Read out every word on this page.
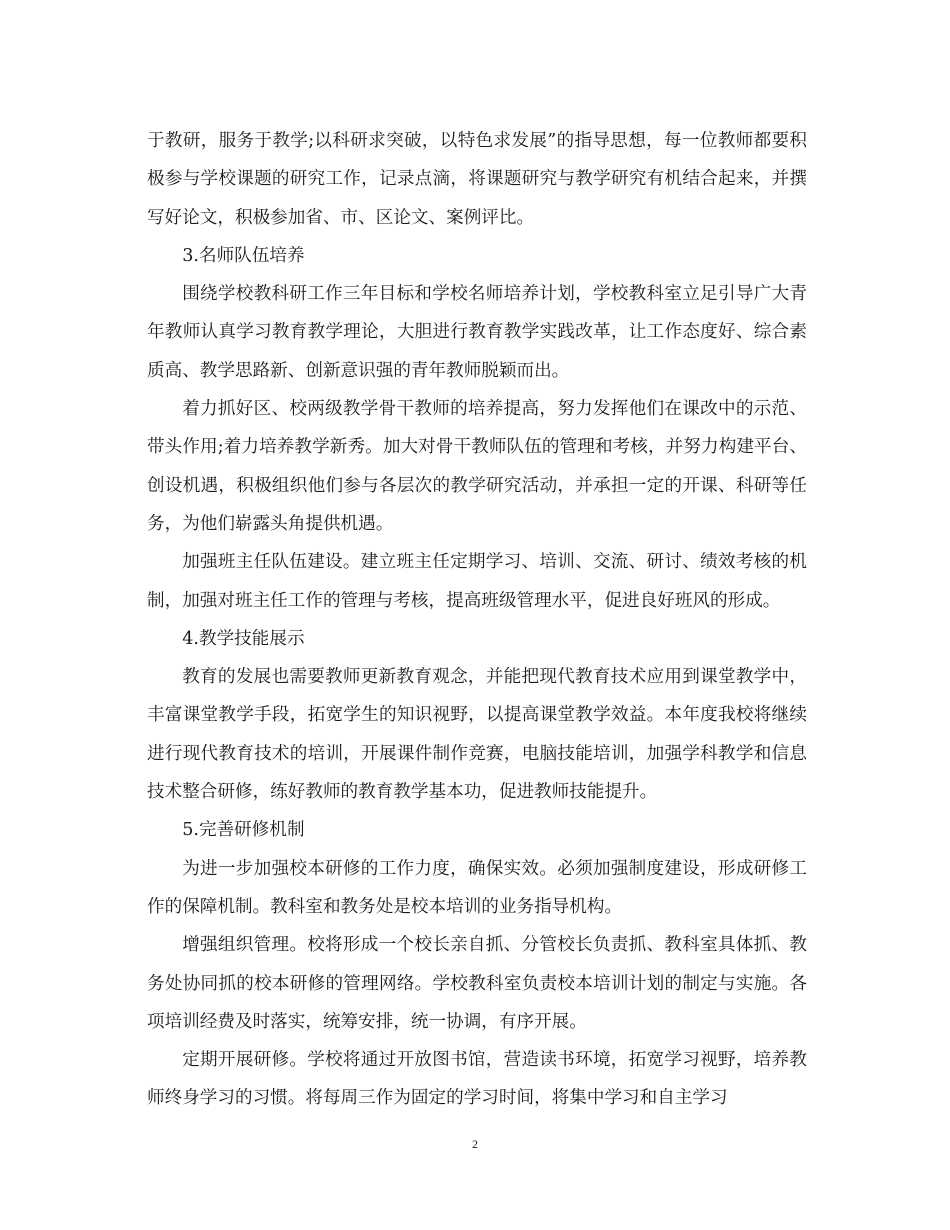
于教研，服务于教学;以科研求突破，以特色求发展”的指导思想，每一位教师都要积极参与学校课题的研究工作，记录点滴，将课题研究与教学研究有机结合起来，并撰写好论文，积极参加省、市、区论文、案例评比。

3.名师队伍培养

围绕学校教科研工作三年目标和学校名师培养计划，学校教科室立足引导广大青年教师认真学习教育教学理论，大胆进行教育教学实践改革，让工作态度好、综合素质高、教学思路新、创新意识强的青年教师脱颖而出。

着力抓好区、校两级教学骨干教师的培养提高，努力发挥他们在课改中的示范、带头作用;着力培养教学新秀。加大对骨干教师队伍的管理和考核，并努力构建平台、创设机遇，积极组织他们参与各层次的教学研究活动，并承担一定的开课、科研等任务，为他们崭露头角提供机遇。

加强班主任队伍建设。建立班主任定期学习、培训、交流、研讨、绩效考核的机制，加强对班主任工作的管理与考核，提高班级管理水平，促进良好班风的形成。

4.教学技能展示

教育的发展也需要教师更新教育观念，并能把现代教育技术应用到课堂教学中，丰富课堂教学手段，拓宽学生的知识视野，以提高课堂教学效益。本年度我校将继续进行现代教育技术的培训，开展课件制作竞赛，电脑技能培训，加强学科教学和信息技术整合研修，练好教师的教育教学基本功，促进教师技能提升。

5.完善研修机制

为进一步加强校本研修的工作力度，确保实效。必须加强制度建设，形成研修工作的保障机制。教科室和教务处是校本培训的业务指导机构。

增强组织管理。校将形成一个校长亲自抓、分管校长负责抓、教科室具体抓、教务处协同抓的校本研修的管理网络。学校教科室负责校本培训计划的制定与实施。各项培训经费及时落实，统筹安排，统一协调，有序开展。

定期开展研修。学校将通过开放图书馆，营造读书环境，拓宽学习视野，培养教师终身学习的习惯。将每周三作为固定的学习时间，将集中学习和自主学习

2
